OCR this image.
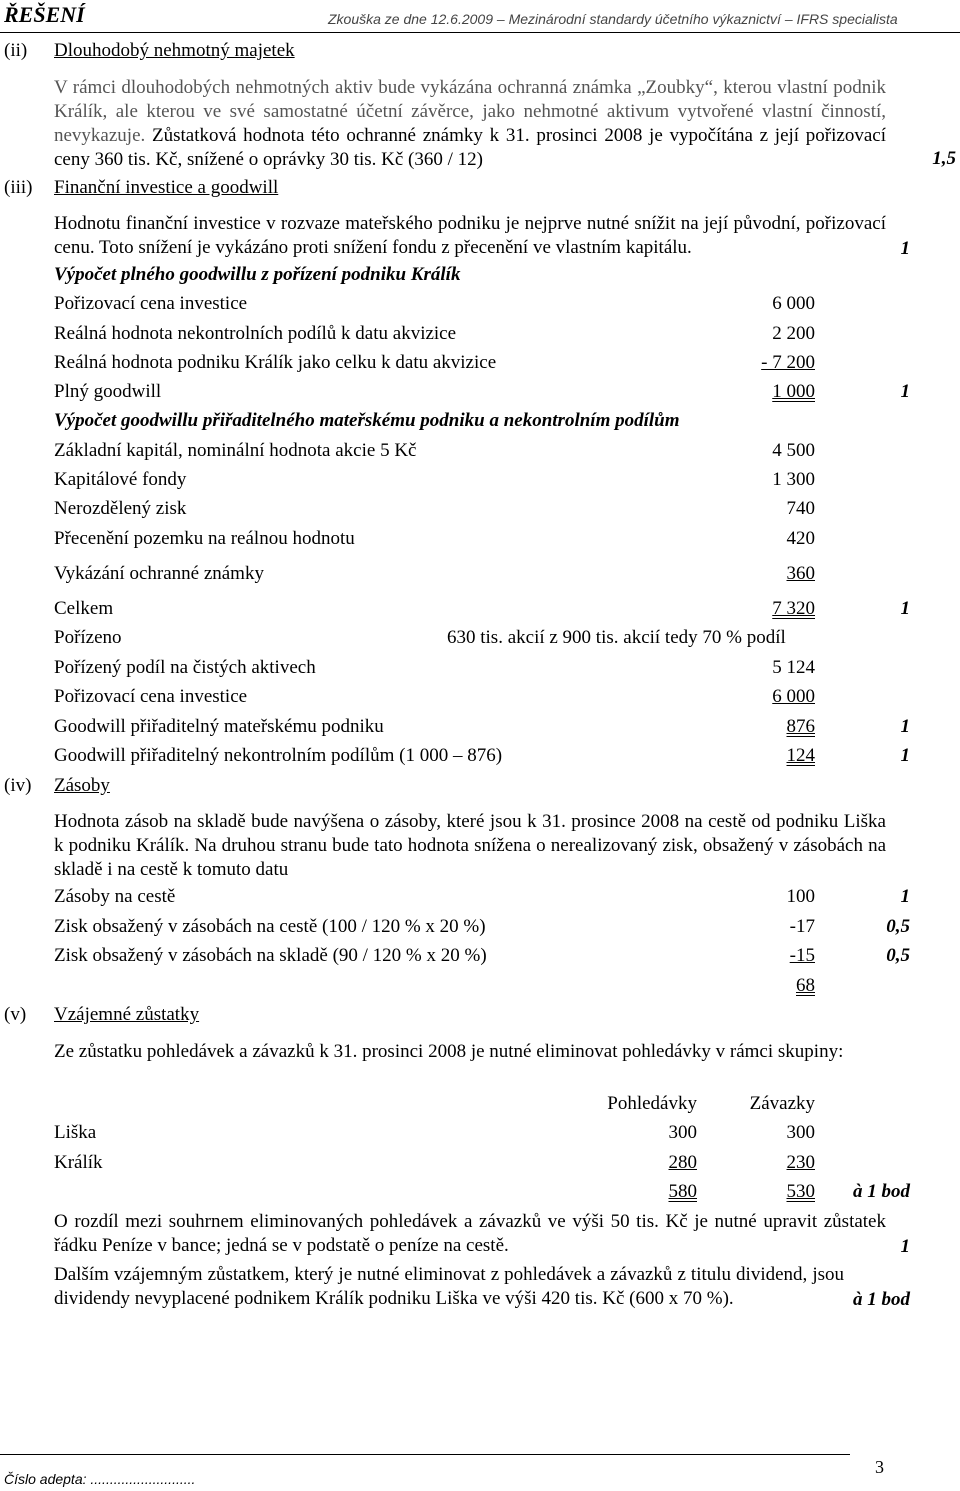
ŘEŠENÍ	Zkouška ze dne 12.6.2009 – Mezinárodní standardy účetního výkaznictví – IFRS specialista
(ii) Dlouhodobý nehmotný majetek
V rámci dlouhodobých nehmotných aktiv bude vykázána ochranná známka „Zoubky“, kterou vlastní podnik Králík, ale kterou ve své samostatné účetní závěrce, jako nehmotné aktivum vytvořené vlastní činností, nevykazuje. Zůstatková hodnota této ochranné známky k 31. prosinci 2008 je vypočítána z její pořizovací ceny 360 tis. Kč, snížené o oprávky 30 tis. Kč (360 / 12)	1,5
(iii) Finanční investice a goodwill
Hodnotu finanční investice v rozvaze mateřského podniku je nejprve nutné snížit na její původní, pořizovací cenu. Toto snížení je vykázáno proti snížení fondu z přecenění ve vlastním kapitálu.	1
Výpočet plného goodwillu z pořízení podniku Králík
Pořizovací cena investice	6 000
Reálná hodnota nekontrolních podílů k datu akvizice	2 200
Reálná hodnota podniku Králík jako celku k datu akvizice	- 7 200
Plný goodwill	1 000	1
Výpočet goodwillu přiřaditelného mateřskému podniku a nekontrolním podílům
Základní kapitál, nominální hodnota akcie 5 Kč	4 500
Kapitálové fondy	1 300
Nerozdělený zisk	740
Přecenění pozemku na reálnou hodnotu	420
Vykázání ochranné známky	360
Celkem	7 320	1
Pořízeno	630 tis. akcií z 900 tis. akcií tedy 70 % podíl
Pořízený podíl na čistých aktivech	5 124
Pořizovací cena investice	6 000
Goodwill přiřaditelný mateřskému podniku	876	1
Goodwill přiřaditelný nekontrolním podílům (1 000 – 876)	124	1
(iv) Zásoby
Hodnota zásob na skladě bude navýšena o zásoby, které jsou k 31. prosince 2008 na cestě od podniku Liška k podniku Králík. Na druhou stranu bude tato hodnota snížena o nerealizovaný zisk, obsažený v zásobách na skladě i na cestě k tomuto datu
Zásoby na cestě	100	1
Zisk obsažený v zásobách na cestě (100 / 120 % x 20 %)	-17	0,5
Zisk obsažený v zásobách na skladě (90 / 120 % x 20 %)	-15	0,5
68
(v) Vzájemné zůstatky
Ze zůstatku pohledávek a závazků k 31. prosinci 2008 je nutné eliminovat pohledávky v rámci skupiny:
Pohledávky	Závazky
Liška	300	300
Králík	280	230
580	530	à 1 bod
O rozdíl mezi souhrnem eliminovaných pohledávek a závazků ve výši 50 tis. Kč je nutné upravit zůstatek řádku Peníze v bance; jedná se v podstatě o peníze na cestě.	1
Dalším vzájemným zůstatkem, který je nutné eliminovat z pohledávek a závazků z titulu dividend, jsou dividendy nevyplacené podnikem Králík podniku Liška ve výši 420 tis. Kč (600 x 70 %).	à 1 bod
3
Číslo adepta: ...........................
